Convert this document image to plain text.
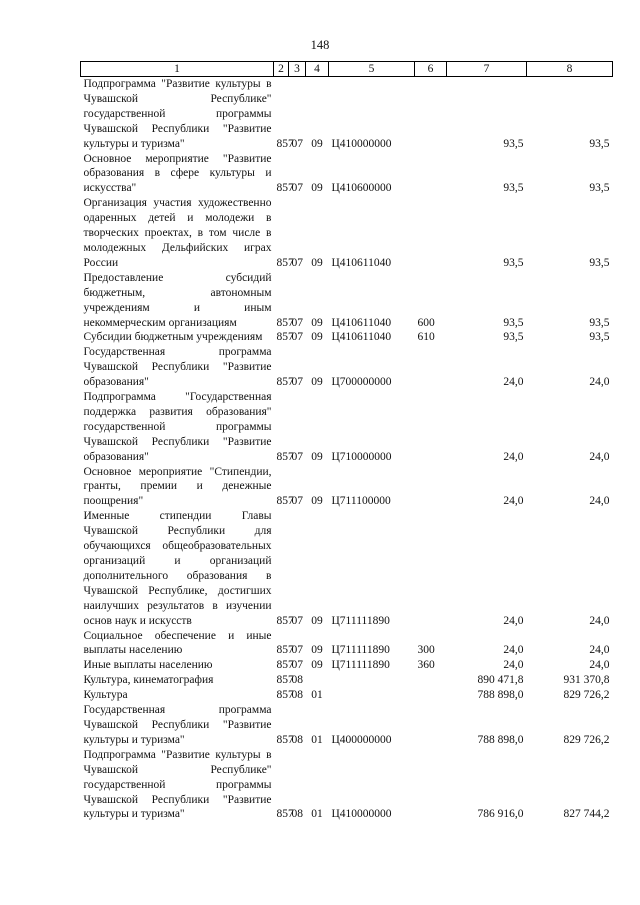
148
1	2	3	4	5	6	7	8
Подпрограмма "Развитие культуры в Чувашской Республике" государственной программы Чувашской Республики "Развитие культуры и туризма"	857	07	09	Ц410000000		93,5	93,5
Основное мероприятие "Развитие образования в сфере культуры и искусства"	857	07	09	Ц410600000		93,5	93,5
Организация участия художественно одаренных детей и молодежи в творческих проектах, в том числе в молодежных Дельфийских играх России	857	07	09	Ц410611040		93,5	93,5
Предоставление субсидий бюджетным, автономным учреждениям и иным некоммерческим организациям	857	07	09	Ц410611040	600	93,5	93,5
Субсидии бюджетным учреждениям	857	07	09	Ц410611040	610	93,5	93,5
Государственная программа Чувашской Республики "Развитие образования"	857	07	09	Ц700000000		24,0	24,0
Подпрограмма "Государственная поддержка развития образования" государственной программы Чувашской Республики "Развитие образования"	857	07	09	Ц710000000		24,0	24,0
Основное мероприятие "Стипендии, гранты, премии и денежные поощрения"	857	07	09	Ц711100000		24,0	24,0
Именные стипендии Главы Чувашской Республики для обучающихся общеобразовательных организаций и организаций дополнительного образования в Чувашской Республике, достигших наилучших результатов в изучении основ наук и искусств	857	07	09	Ц711111890		24,0	24,0
Социальное обеспечение и иные выплаты населению	857	07	09	Ц711111890	300	24,0	24,0
Иные выплаты населению	857	07	09	Ц711111890	360	24,0	24,0
Культура, кинематография	857	08				890 471,8	931 370,8
Культура	857	08	01			788 898,0	829 726,2
Государственная программа Чувашской Республики "Развитие культуры и туризма"	857	08	01	Ц400000000		788 898,0	829 726,2
Подпрограмма "Развитие культуры в Чувашской Республике" государственной программы Чувашской Республики "Развитие культуры и туризма"	857	08	01	Ц410000000		786 916,0	827 744,2
